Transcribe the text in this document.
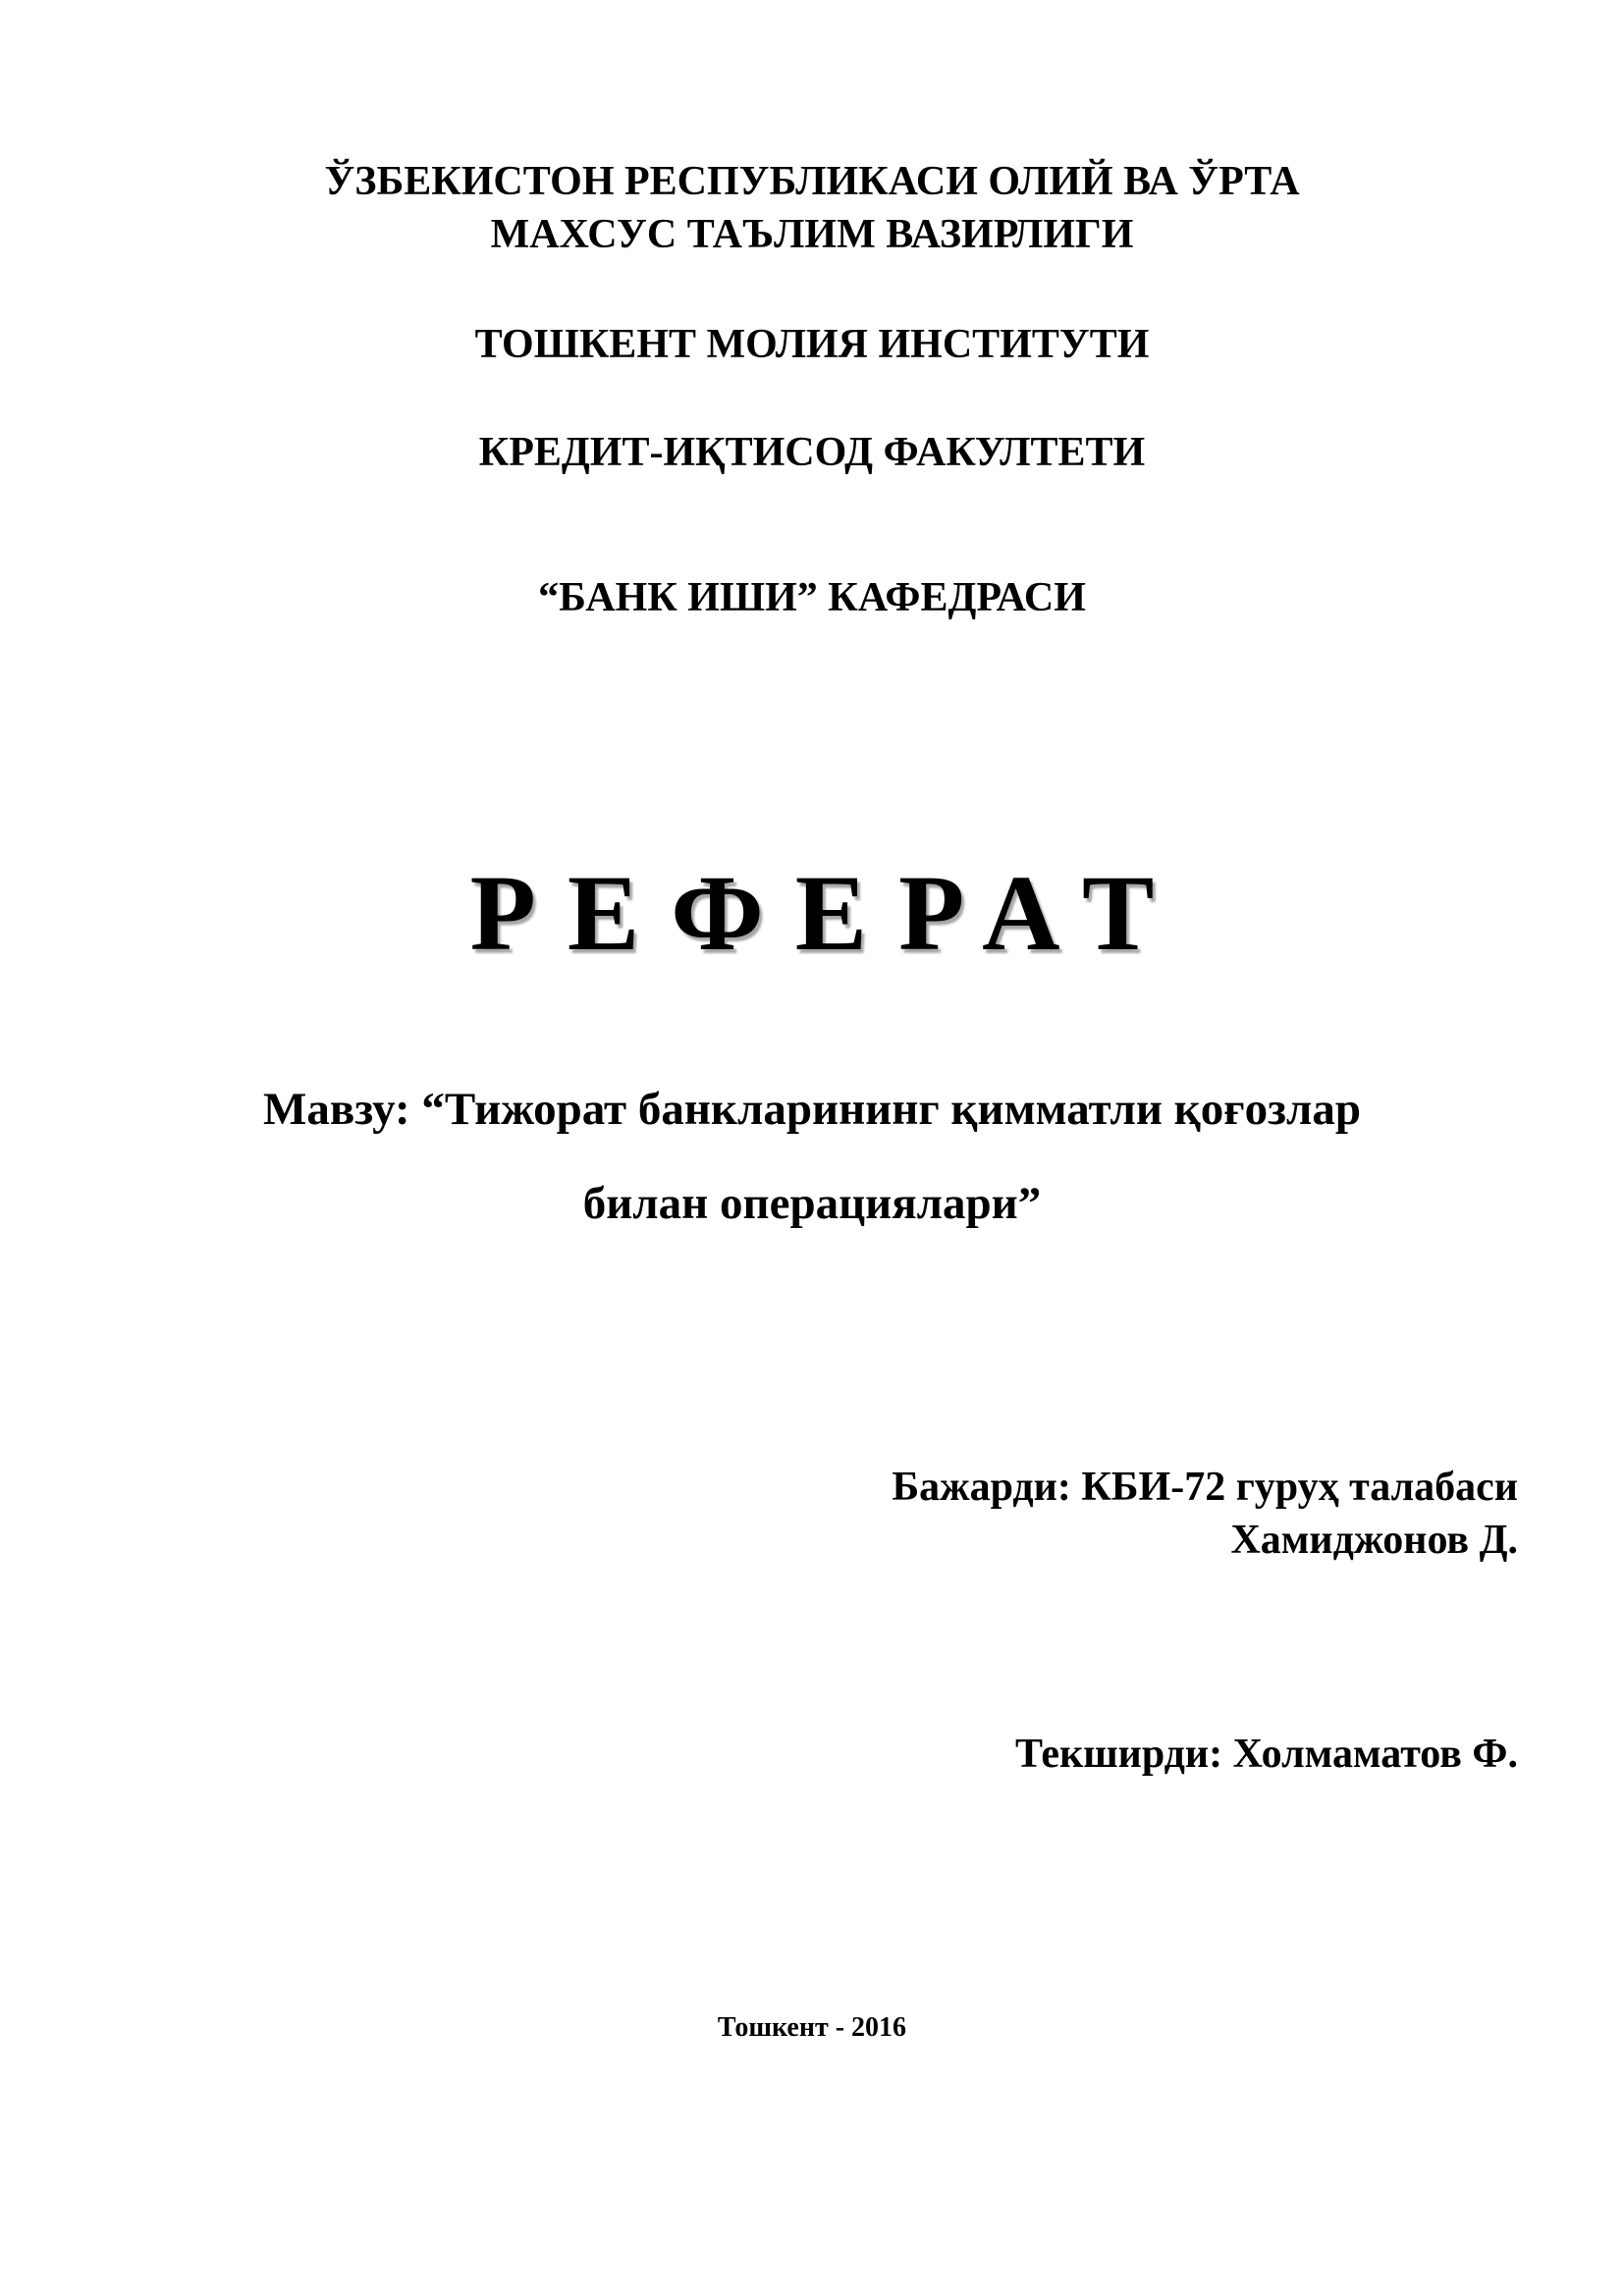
ЎЗБЕКИСТОН РЕСПУБЛИКАСИ ОЛИЙ ВА ЎРТА
МАХСУС ТАЪЛИМ ВАЗИРЛИГИ
ТОШКЕНТ МОЛИЯ ИНСТИТУТИ
КРЕДИТ-ИҚТИСОД ФАКУЛТЕТИ
“БАНК ИШИ” КАФЕДРАСИ
РЕФЕРАТ
Мавзу: “Тижорат банкларининг қимматли қоғозлар
билан операциялари”
Бажарди: КБИ-72 гуруҳ талабаси
Хамиджонов Д.
Текширди: Холмаматов Ф.
Тошкент - 2016
